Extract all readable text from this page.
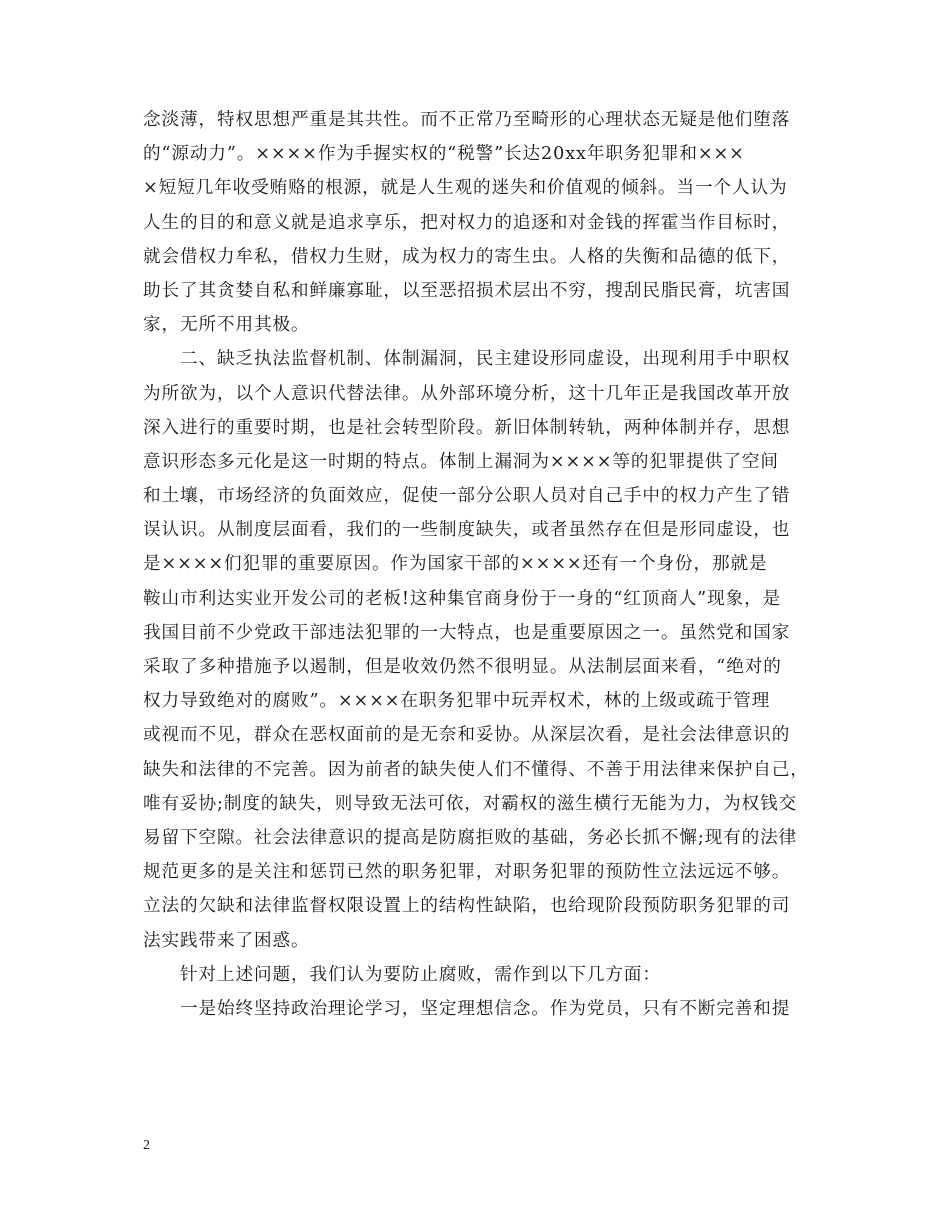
念淡薄，特权思想严重是其共性。而不正常乃至畸形的心理状态无疑是他们堕落
的“源动力”。××××作为手握实权的“税警”长达20xx年职务犯罪和×××
×短短几年收受贿赂的根源，就是人生观的迷失和价值观的倾斜。当一个人认为
人生的目的和意义就是追求享乐，把对权力的追逐和对金钱的挥霍当作目标时，
就会借权力牟私，借权力生财，成为权力的寄生虫。人格的失衡和品德的低下，
助长了其贪婪自私和鲜廉寡耻，以至恶招损术层出不穷，搜刮民脂民膏，坑害国
家，无所不用其极。
　　二、缺乏执法监督机制、体制漏洞，民主建设形同虚设，出现利用手中职权
为所欲为，以个人意识代替法律。从外部环境分析，这十几年正是我国改革开放
深入进行的重要时期，也是社会转型阶段。新旧体制转轨，两种体制并存，思想
意识形态多元化是这一时期的特点。体制上漏洞为××××等的犯罪提供了空间
和土壤，市场经济的负面效应，促使一部分公职人员对自己手中的权力产生了错
误认识。从制度层面看，我们的一些制度缺失，或者虽然存在但是形同虚设，也
是××××们犯罪的重要原因。作为国家干部的××××还有一个身份，那就是
鞍山市利达实业开发公司的老板!这种集官商身份于一身的“红顶商人”现象，是
我国目前不少党政干部违法犯罪的一大特点，也是重要原因之一。虽然党和国家
采取了多种措施予以遏制，但是收效仍然不很明显。从法制层面来看，“绝对的
权力导致绝对的腐败”。××××在职务犯罪中玩弄权术，林的上级或疏于管理
或视而不见，群众在恶权面前的是无奈和妥协。从深层次看，是社会法律意识的
缺失和法律的不完善。因为前者的缺失使人们不懂得、不善于用法律来保护自己，
唯有妥协;制度的缺失，则导致无法可依，对霸权的滋生横行无能为力，为权钱交
易留下空隙。社会法律意识的提高是防腐拒败的基础，务必长抓不懈;现有的法律
规范更多的是关注和惩罚已然的职务犯罪，对职务犯罪的预防性立法远远不够。
立法的欠缺和法律监督权限设置上的结构性缺陷，也给现阶段预防职务犯罪的司
法实践带来了困惑。
　　针对上述问题，我们认为要防止腐败，需作到以下几方面：
　　一是始终坚持政治理论学习，坚定理想信念。作为党员，只有不断完善和提
2
